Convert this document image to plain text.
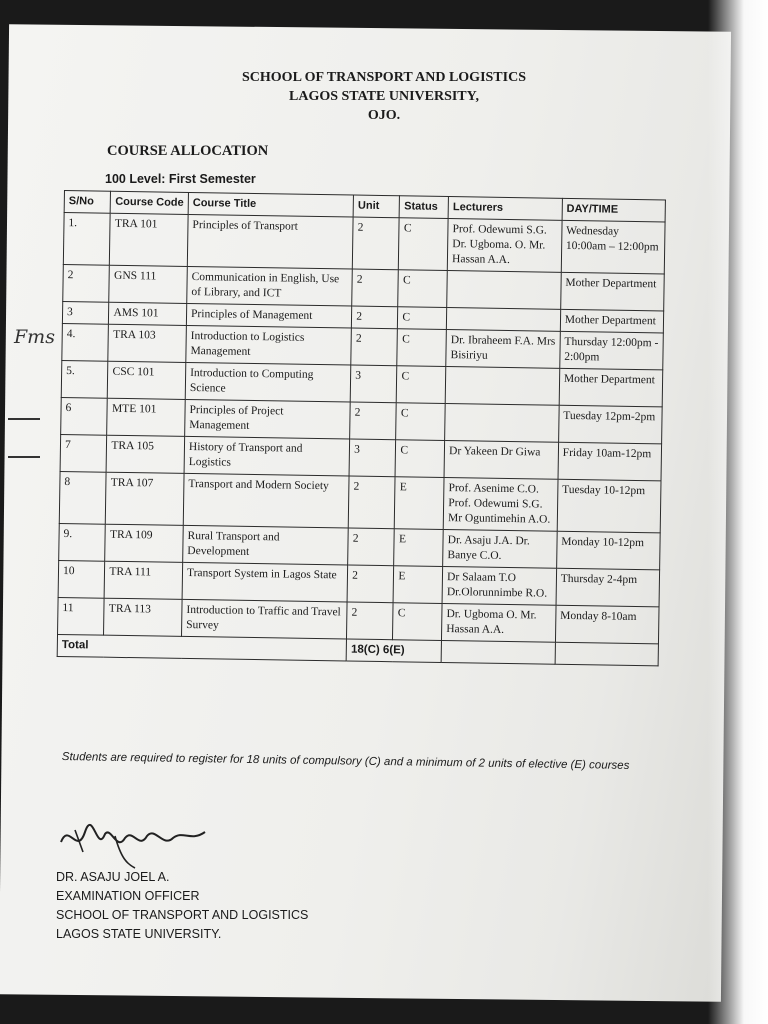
SCHOOL OF TRANSPORT AND LOGISTICS
LAGOS STATE UNIVERSITY,
OJO.
COURSE ALLOCATION
100 Level: First Semester
Fms
S/No	Course Code	Course Title	Unit	Status	Lecturers	DAY/TIME
1.	TRA 101	Principles of Transport	2	C	Prof. Odewumi S.G. Dr. Ugboma. O. Mr. Hassan A.A.	Wednesday 10:00am – 12:00pm
2	GNS 111	Communication in English, Use of Library, and ICT	2	C		Mother Department
3	AMS 101	Principles of Management	2	C		Mother Department
4.	TRA 103	Introduction to Logistics Management	2	C	Dr. Ibraheem F.A. Mrs Bisiriyu	Thursday 12:00pm - 2:00pm
5.	CSC 101	Introduction to Computing Science	3	C		Mother Department
6	MTE 101	Principles of Project Management	2	C		Tuesday 12pm-2pm
7	TRA 105	History of Transport and Logistics	3	C	Dr Yakeen Dr Giwa	Friday 10am-12pm
8	TRA 107	Transport and Modern Society	2	E	Prof. Asenime C.O. Prof. Odewumi S.G. Mr Oguntimehin A.O.	Tuesday 10-12pm
9.	TRA 109	Rural Transport and Development	2	E	Dr. Asaju J.A. Dr. Banye C.O.	Monday 10-12pm
10	TRA 111	Transport System in Lagos State	2	E	Dr Salaam T.O Dr.Olorunnimbe R.O.	Thursday 2-4pm
11	TRA 113	Introduction to Traffic and Travel Survey	2	C	Dr. Ugboma O. Mr. Hassan A.A.	Monday 8-10am
Total			18(C) 6(E)			
Students are required to register for 18 units of compulsory (C) and a minimum of 2 units of elective (E) courses
DR. ASAJU JOEL A.
EXAMINATION OFFICER
SCHOOL OF TRANSPORT AND LOGISTICS
LAGOS STATE UNIVERSITY.
